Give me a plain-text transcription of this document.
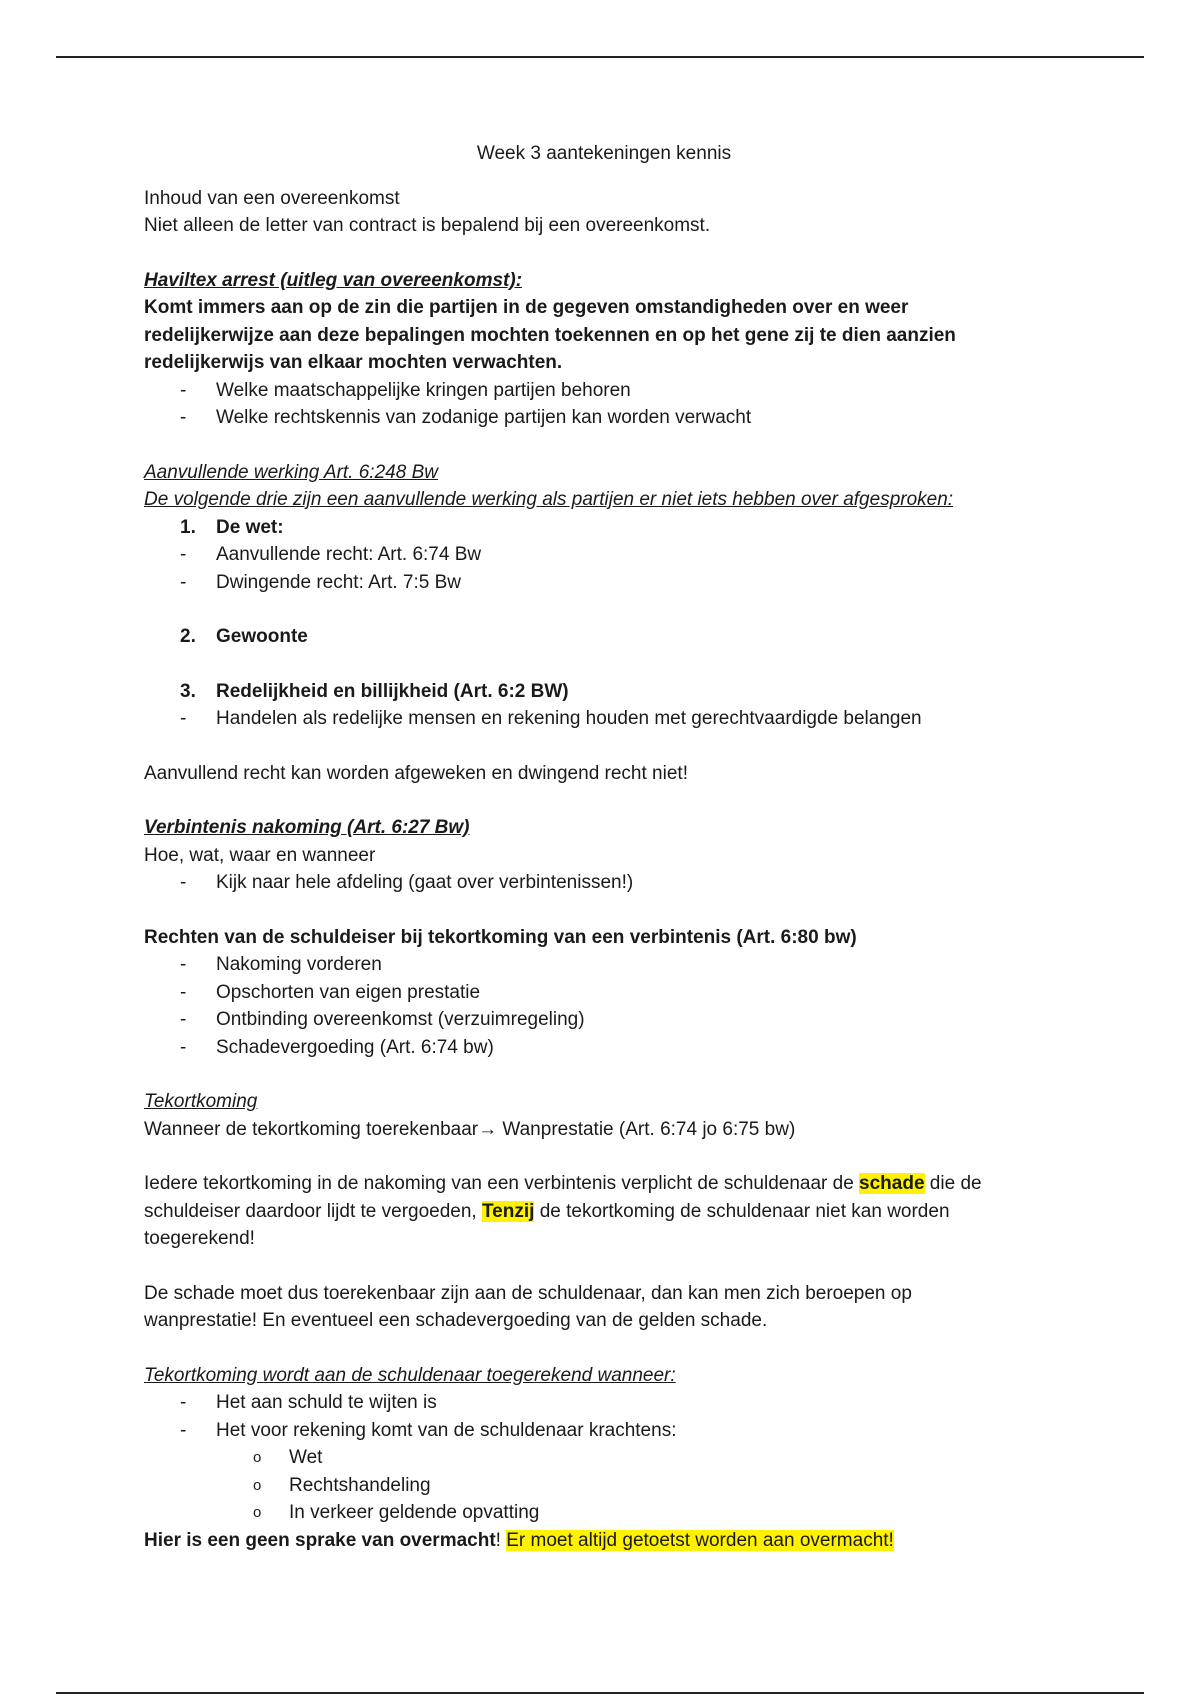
Week 3 aantekeningen kennis
Inhoud van een overeenkomst
Niet alleen de letter van contract is bepalend bij een overeenkomst.
Haviltex arrest (uitleg van overeenkomst):
Komt immers aan op de zin die partijen in de gegeven omstandigheden over en weer
redelijkerwijze aan deze bepalingen mochten toekennen en op het gene zij te dien aanzien
redelijkerwijs van elkaar mochten verwachten.
- Welke maatschappelijke kringen partijen behoren
- Welke rechtskennis van zodanige partijen kan worden verwacht
Aanvullende werking Art. 6:248 Bw
De volgende drie zijn een aanvullende werking als partijen er niet iets hebben over afgesproken:
1. De wet:
- Aanvullende recht: Art. 6:74 Bw
- Dwingende recht: Art. 7:5 Bw
2. Gewoonte
3. Redelijkheid en billijkheid (Art. 6:2 BW)
- Handelen als redelijke mensen en rekening houden met gerechtvaardigde belangen
Aanvullend recht kan worden afgeweken en dwingend recht niet!
Verbintenis nakoming (Art. 6:27 Bw)
Hoe, wat, waar en wanneer
- Kijk naar hele afdeling (gaat over verbintenissen!)
Rechten van de schuldeiser bij tekortkoming van een verbintenis (Art. 6:80 bw)
- Nakoming vorderen
- Opschorten van eigen prestatie
- Ontbinding overeenkomst (verzuimregeling)
- Schadevergoeding (Art. 6:74 bw)
Tekortkoming
Wanneer de tekortkoming toerekenbaar→ Wanprestatie (Art. 6:74 jo 6:75 bw)
Iedere tekortkoming in de nakoming van een verbintenis verplicht de schuldenaar de schade die de
schuldeiser daardoor lijdt te vergoeden, Tenzij de tekortkoming de schuldenaar niet kan worden
toegerekend!
De schade moet dus toerekenbaar zijn aan de schuldenaar, dan kan men zich beroepen op
wanprestatie! En eventueel een schadevergoeding van de gelden schade.
Tekortkoming wordt aan de schuldenaar toegerekend wanneer:
- Het aan schuld te wijten is
- Het voor rekening komt van de schuldenaar krachtens:
o Wet
o Rechtshandeling
o In verkeer geldende opvatting
Hier is een geen sprake van overmacht! Er moet altijd getoetst worden aan overmacht!
